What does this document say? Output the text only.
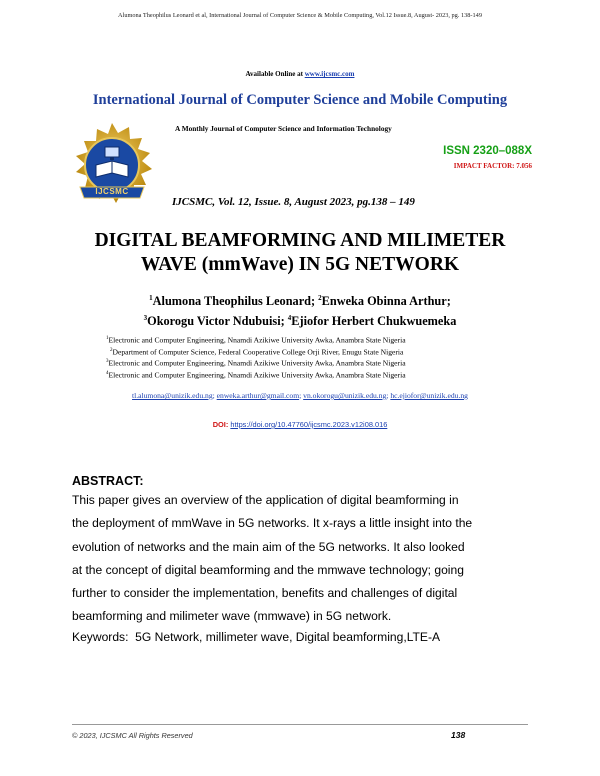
Alumona Theophilus Leonard et al, International Journal of Computer Science & Mobile Computing, Vol.12 Issue.8, August- 2023, pg. 138-149
Available Online at www.ijcsmc.com
International Journal of Computer Science and Mobile Computing
A Monthly Journal of Computer Science and Information Technology
IJCSMC
ISSN 2320–088X
IMPACT FACTOR: 7.056
IJCSMC, Vol. 12, Issue. 8, August 2023, pg.138 – 149
DIGITAL BEAMFORMING AND MILIMETER
WAVE (mmWave) IN 5G NETWORK
$^1$Alumona Theophilus Leonard; $^2$Enweka Obinna Arthur;
$^3$Okorogu Victor Ndubuisi; $^4$Ejiofor Herbert Chukwuemeka
$^1$Electronic and Computer Engineering, Nnamdi Azikiwe University Awka, Anambra State Nigeria
$^2$Department of Computer Science, Federal Cooperative College Orji River, Enugu State Nigeria
$^3$Electronic and Computer Engineering, Nnamdi Azikiwe University Awka, Anambra State Nigeria
$^4$Electronic and Computer Engineering, Nnamdi Azikiwe University Awka, Anambra State Nigeria
tl.alumona@unizik.edu.ng; enweka.arthur@gmail.com; vn.okorogu@unizik.edu.ng; hc.ejiofor@unizik.edu.ng
DOI: https://doi.org/10.47760/ijcsmc.2023.v12i08.016
ABSTRACT:
This paper gives an overview of the application of digital beamforming in
the deployment of mmWave in 5G networks. It x-rays a little insight into the
evolution of networks and the main aim of the 5G networks. It also looked
at the concept of digital beamforming and the mmwave technology; going
further to consider the implementation, benefits and challenges of digital
beamforming and milimeter wave (mmwave) in 5G network.
Keywords:  5G Network, millimeter wave, Digital beamforming,LTE-A
© 2023, IJCSMC All Rights Reserved	138
